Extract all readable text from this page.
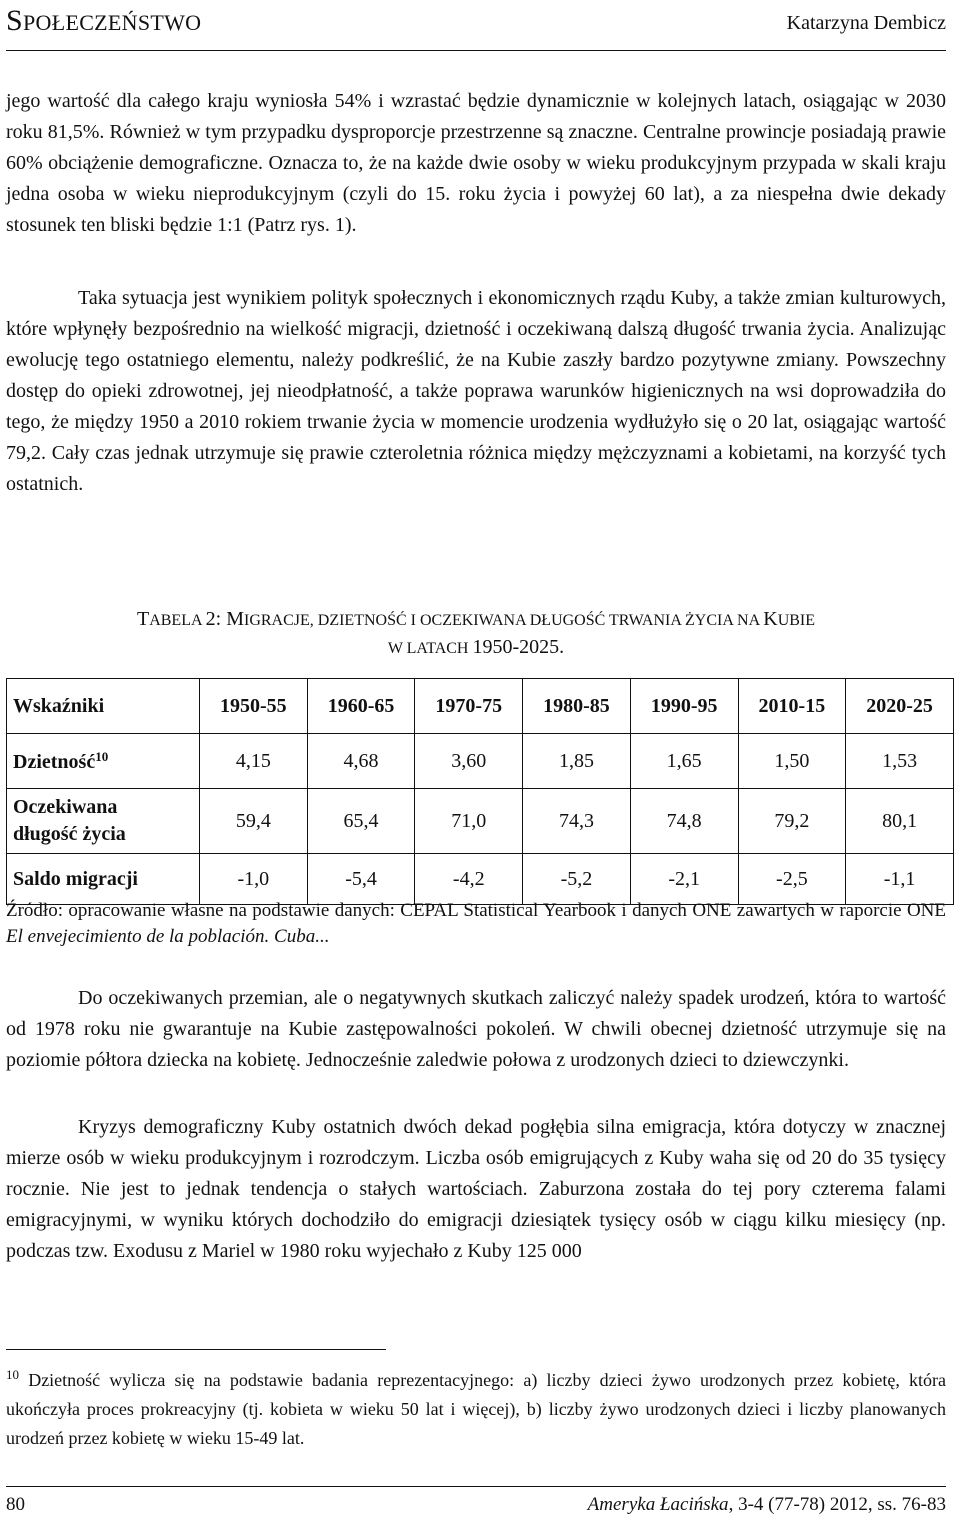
SPOŁECZEŃSTWO	Katarzyna Dembicz
jego wartość dla całego kraju wyniosła 54% i wzrastać będzie dynamicznie w kolejnych latach, osiągając w 2030 roku 81,5%. Również w tym przypadku dysproporcje przestrzenne są znaczne. Centralne prowincje posiadają prawie 60% obciążenie demograficzne. Oznacza to, że na każde dwie osoby w wieku produkcyjnym przypada w skali kraju jedna osoba w wieku nieprodukcyjnym (czyli do 15. roku życia i powyżej 60 lat), a za niespełna dwie dekady stosunek ten bliski będzie 1:1 (Patrz rys. 1).
Taka sytuacja jest wynikiem polityk społecznych i ekonomicznych rządu Kuby, a także zmian kulturowych, które wpłynęły bezpośrednio na wielkość migracji, dzietność i oczekiwaną dalszą długość trwania życia. Analizując ewolucję tego ostatniego elementu, należy podkreślić, że na Kubie zaszły bardzo pozytywne zmiany. Powszechny dostęp do opieki zdrowotnej, jej nieodpłatność, a także poprawa warunków higienicznych na wsi doprowadziła do tego, że między 1950 a 2010 rokiem trwanie życia w momencie urodzenia wydłużyło się o 20 lat, osiągając wartość 79,2. Cały czas jednak utrzymuje się prawie czteroletnia różnica między mężczyznami a kobietami, na korzyść tych ostatnich.
TABELA 2: MIGRACJE, DZIETNOŚĆ I OCZEKIWANA DŁUGOŚĆ TRWANIA ŻYCIA NA KUBIE
W LATACH 1950-2025.
Wskaźniki	1950-55	1960-65	1970-75	1980-85	1990-95	2010-15	2020-25
Dzietność$^{10}$	4,15	4,68	3,60	1,85	1,65	1,50	1,53
Oczekiwana
długość życia	59,4	65,4	71,0	74,3	74,8	79,2	80,1
Saldo migracji	-1,0	-5,4	-4,2	-5,2	-2,1	-2,5	-1,1
Źródło: opracowanie własne na podstawie danych: CEPAL Statistical Yearbook i danych ONE zawartych w raporcie ONE El envejecimiento de la población. Cuba...
Do oczekiwanych przemian, ale o negatywnych skutkach zaliczyć należy spadek urodzeń, która to wartość od 1978 roku nie gwarantuje na Kubie zastępowalności pokoleń. W chwili obecnej dzietność utrzymuje się na poziomie półtora dziecka na kobietę. Jednocześnie zaledwie połowa z urodzonych dzieci to dziewczynki.
Kryzys demograficzny Kuby ostatnich dwóch dekad pogłębia silna emigracja, która dotyczy w znacznej mierze osób w wieku produkcyjnym i rozrodczym. Liczba osób emigrujących z Kuby waha się od 20 do 35 tysięcy rocznie. Nie jest to jednak tendencja o stałych wartościach. Zaburzona została do tej pory czterema falami emigracyjnymi, w wyniku których dochodziło do emigracji dziesiątek tysięcy osób w ciągu kilku miesięcy (np. podczas tzw. Exodusu z Mariel w 1980 roku wyjechało z Kuby 125 000
$^{10}$ Dzietność wylicza się na podstawie badania reprezentacyjnego: a) liczby dzieci żywo urodzonych przez kobietę, która ukończyła proces prokreacyjny (tj. kobieta w wieku 50 lat i więcej), b) liczby żywo urodzonych dzieci i liczby planowanych urodzeń przez kobietę w wieku 15-49 lat.
80	Ameryka Łacińska, 3-4 (77-78) 2012, ss. 76-83
